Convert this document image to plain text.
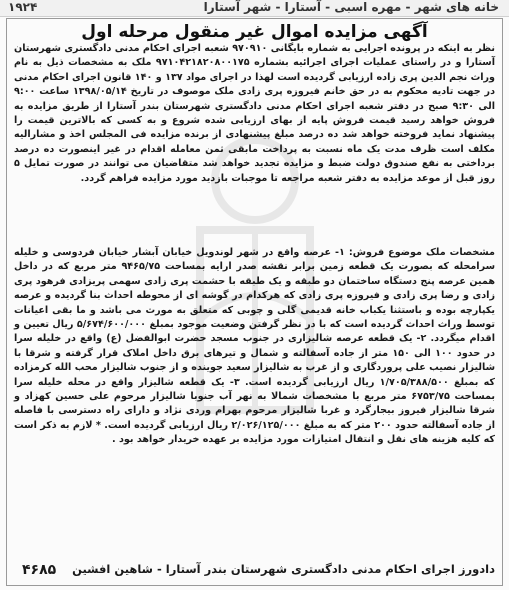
۱۹۲۴	خانه های شهر - مهره اسبی - آستارا - شهر آستارا
آگهی مزایده اموال غیر منقول مرحله اول

نظر به اینکه در پرونده اجرایی به شماره بایگانی ۹۷۰۹۱۰ شعبه اجرای احکام مدنی دادگستری شهرستان آستارا و در راستای عملیات اجرای اجرائیه بشماره ۹۷۱۰۴۲۱۸۲۰۸۰۰۱۷۵ ملک به مشخصات ذیل به نام وراث نجم الدین پری زاده ارزیابی گردیده است لهذا در اجرای مواد ۱۳۷ و ۱۴۰ قانون اجرای احکام مدنی در جهت تادیه محکوم به در حق خانم فیروزه پری زادی ملک موصوف در تاریخ ۱۳۹۸/۰۵/۱۴ ساعت ۹:۰۰ الی ۹:۳۰ صبح در دفتر شعبه اجرای احکام مدنی دادگستری شهرستان بندر آستارا از طریق مزایده به فروش خواهد رسید قیمت فروش پایه از بهای ارزیابی شده شروع و به کسی که بالاترین قیمت را پیشنهاد نماید فروخته خواهد شد ده درصد مبلغ پیشنهادی از برنده مزایده فی المجلس اخذ و مشارالیه مکلف است ظرف مدت یک ماه نسبت به پرداخت مابقی ثمن معامله اقدام در غیر اینصورت ده درصد برداختی به نفع صندوق دولت ضبط و مزایده تجدید خواهد شد متقاضیان می توانند در صورت تمایل ۵ روز قبل از موعد مزایده به دفتر شعبه مراجعه تا موجبات بازدید مورد مزایده فراهم گردد.

مشخصات ملک موضوع فروش: ۱- عرصه واقع در شهر لوندویل خیابان آبشار خیابان فردوسی و خلیله سرامحله که بصورت یک قطعه زمین برابر نقشه صدر ارایه بمساحت ۹۴۶۵/۷۵ متر مربع که در داخل همین عرصه پنج دستگاه ساختمان دو طبقه و یک طبقه با حشمت پری زادی سهمی پریزادی فرهود پری زادی و رضا پری زادی و فیروزه پری زادی که هرکدام در گوشه ای از محوطه احداث بنا گردیده و عرصه یکپارچه بوده و باستثنا یکباب خانه قدیمی گلی و چوبی که متعلق به مورث می باشد و ما بقی اعیانات توسط وراث احداث گردیده است که با در نظر گرفتن وضعیت موجود بمبلغ ۵/۶۷۴/۶۰۰/۰۰۰ ریال تعیین و اقدام میگردد. ۲- یک قطعه عرصه شالیزاری در جنوب مسجد حضرت ابوالفضل (ع) واقع در خلیله سرا در حدود ۱۰۰ الی ۱۵۰ متر از جاده آسفالته و شمال و تیرهای برق داخل املاک قرار گرفته و شرقا با شالیزار نصیب علی پروردگاری و از غرب به شالیزار سعید جوینده و از جنوب شالیزار محب الله کرمزاده که بمبلغ ۱/۷۰۵/۳۸۸/۵۰۰ ریال ارزیابی گردیده است. ۳- یک قطعه شالیزار واقع در محله خلیله سرا بمساحت ۶۷۵۳/۷۵ متر مربع با مشخصات شمالا به نهر آب جنوبا شالیزار مرحوم علی حسین کهزاد و شرقا شالیزار فیروز بیجارگرد و غربا شالیزار مرحوم بهرام وردی نژاد و دارای راه دسترسی با فاصله از جاده آسفالته حدود ۲۰۰ متر که به مبلغ ۲/۰۲۶/۱۲۵/۰۰۰ ریال ارزیابی گردیده است. * لازم به ذکر است که کلیه هزینه های نقل و انتقال امتیازات مورد مزایده بر عهده خریدار خواهد بود .

دادورز اجرای احکام مدنی دادگستری شهرستان بندر آستارا - شاهین افشین
۴۶۸۵
